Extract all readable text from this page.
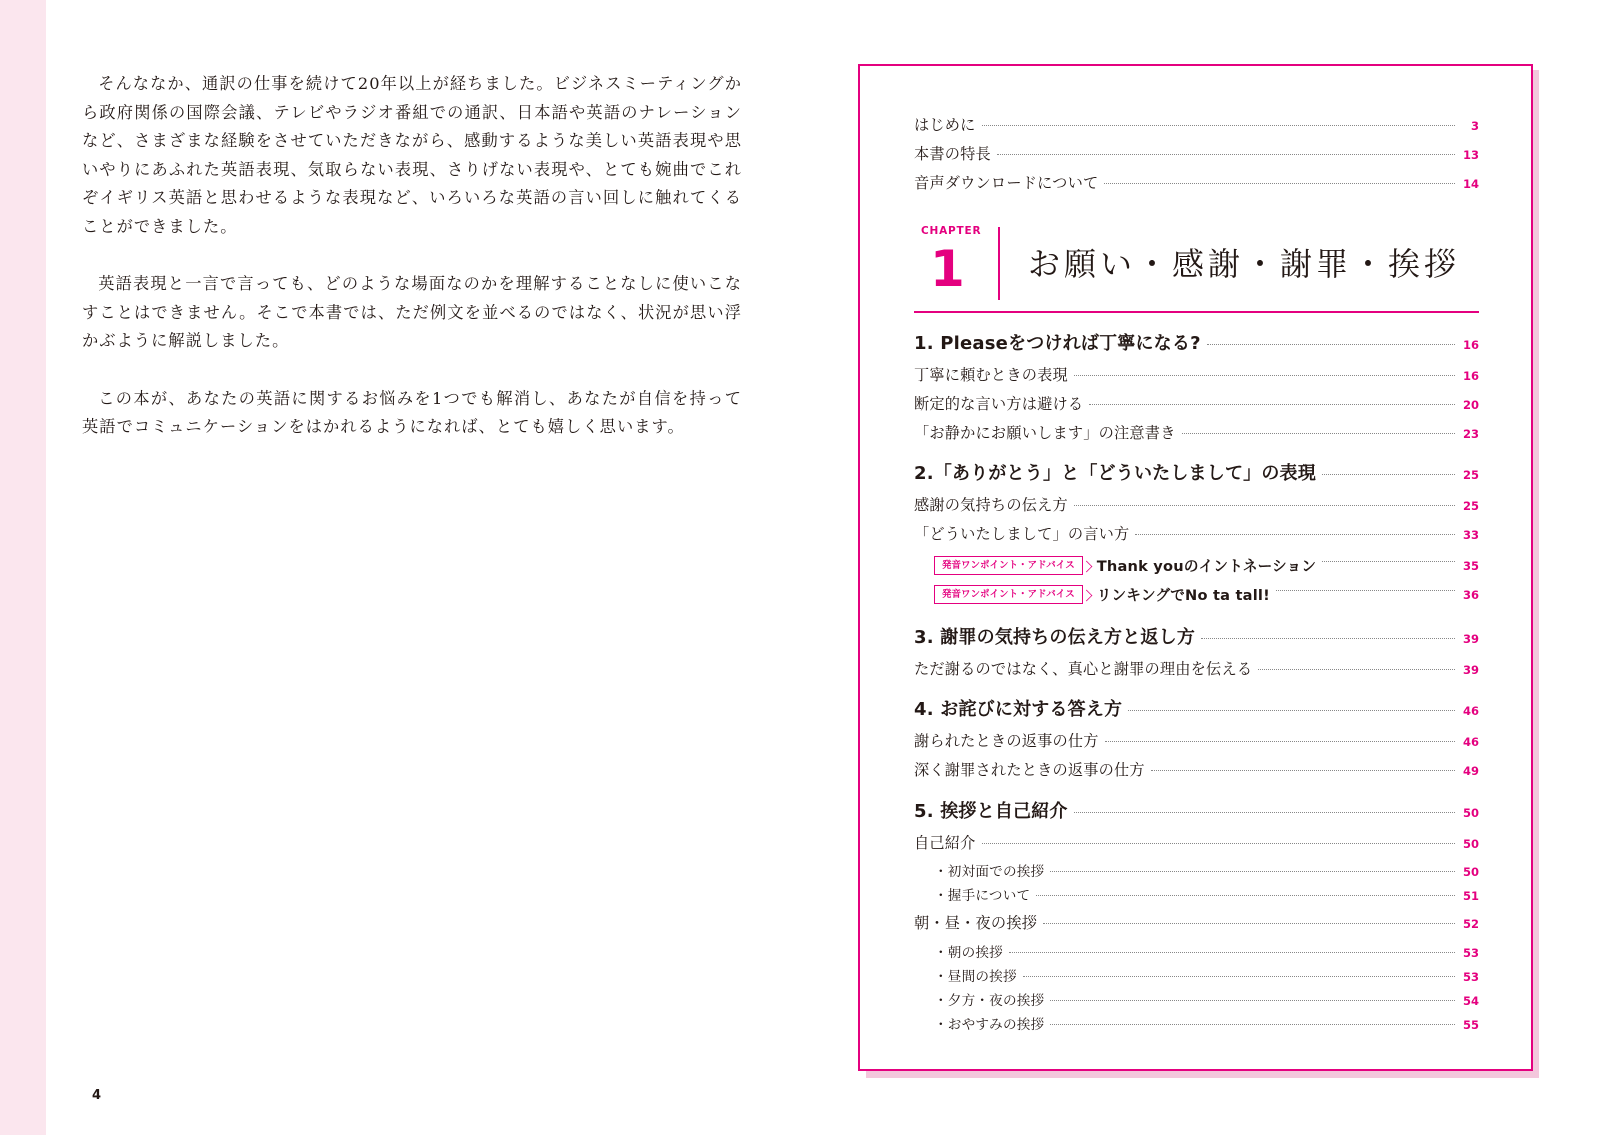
そんななか、通訳の仕事を続けて20年以上が経ちました。ビジネスミーティングから政府関係の国際会議、テレビやラジオ番組での通訳、日本語や英語のナレーションなど、さまざまな経験をさせていただきながら、感動するような美しい英語表現や思いやりにあふれた英語表現、気取らない表現、さりげない表現や、とても婉曲でこれぞイギリス英語と思わせるような表現など、いろいろな英語の言い回しに触れてくることができました。

英語表現と一言で言っても、どのような場面なのかを理解することなしに使いこなすことはできません。そこで本書では、ただ例文を並べるのではなく、状況が思い浮かぶように解説しました。

この本が、あなたの英語に関するお悩みを1つでも解消し、あなたが自信を持って英語でコミュニケーションをはかれるようになれば、とても嬉しく思います。

4
はじめに	3
本書の特長	13
音声ダウンロードについて	14
CHAPTER
1 お願い・感謝・謝罪・挨拶
1. Pleaseをつければ丁寧になる?	16
丁寧に頼むときの表現	16
断定的な言い方は避ける	20
「お静かにお願いします」の注意書き	23
2.「ありがとう」と「どういたしまして」の表現	25
感謝の気持ちの伝え方	25
「どういたしまして」の言い方	33
発音ワンポイント・アドバイス	Thank youのイントネーション	35
発音ワンポイント・アドバイス	リンキングでNo ta tall!	36
3. 謝罪の気持ちの伝え方と返し方	39
ただ謝るのではなく、真心と謝罪の理由を伝える	39
4. お詫びに対する答え方	46
謝られたときの返事の仕方	46
深く謝罪されたときの返事の仕方	49
5. 挨拶と自己紹介	50
自己紹介	50
・初対面での挨拶	50
・握手について	51
朝・昼・夜の挨拶	52
・朝の挨拶	53
・昼間の挨拶	53
・夕方・夜の挨拶	54
・おやすみの挨拶	55
